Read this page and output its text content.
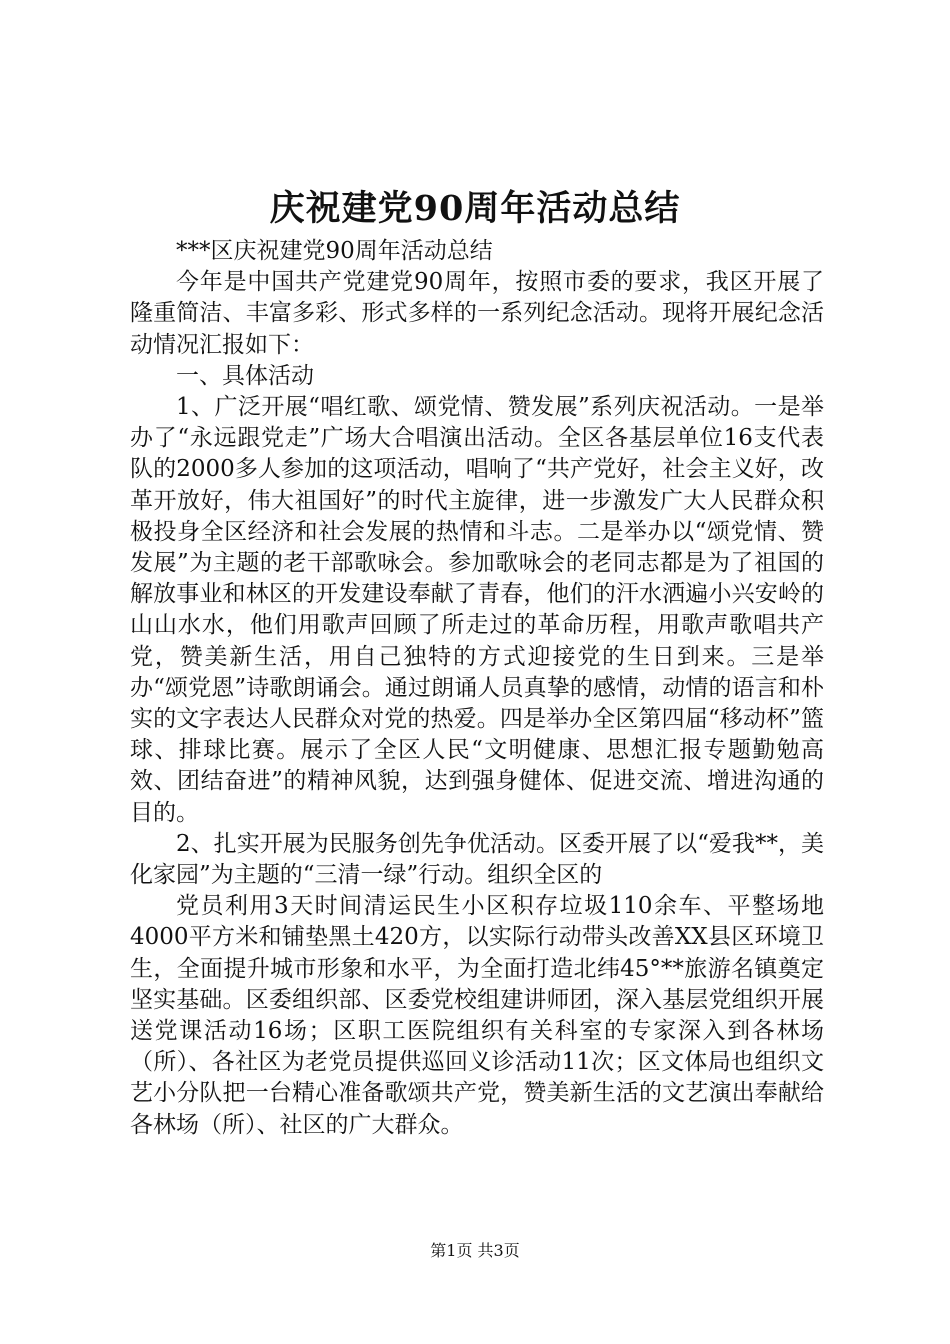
庆祝建党90周年活动总结

***区庆祝建党90周年活动总结

今年是中国共产党建党90周年，按照市委的要求，我区开展了隆重简洁、丰富多彩、形式多样的一系列纪念活动。现将开展纪念活动情况汇报如下：

一、具体活动

1、广泛开展“唱红歌、颂党情、赞发展”系列庆祝活动。一是举办了“永远跟党走”广场大合唱演出活动。全区各基层单位16支代表队的2000多人参加的这项活动，唱响了“共产党好，社会主义好，改革开放好，伟大祖国好”的时代主旋律，进一步激发广大人民群众积极投身全区经济和社会发展的热情和斗志。二是举办以“颂党情、赞发展”为主题的老干部歌咏会。参加歌咏会的老同志都是为了祖国的解放事业和林区的开发建设奉献了青春，他们的汗水洒遍小兴安岭的山山水水，他们用歌声回顾了所走过的革命历程，用歌声歌唱共产党，赞美新生活，用自己独特的方式迎接党的生日到来。三是举办“颂党恩”诗歌朗诵会。通过朗诵人员真挚的感情，动情的语言和朴实的文字表达人民群众对党的热爱。四是举办全区第四届“移动杯”篮球、排球比赛。展示了全区人民“文明健康、思想汇报专题勤勉高效、团结奋进”的精神风貌，达到强身健体、促进交流、增进沟通的目的。

2、扎实开展为民服务创先争优活动。区委开展了以“爱我**，美化家园”为主题的“三清一绿”行动。组织全区的

党员利用3天时间清运民生小区积存垃圾110余车、平整场地4000平方米和铺垫黑土420方，以实际行动带头改善XX县区环境卫生，全面提升城市形象和水平，为全面打造北纬45°**旅游名镇奠定坚实基础。区委组织部、区委党校组建讲师团，深入基层党组织开展送党课活动16场；区职工医院组织有关科室的专家深入到各林场（所）、各社区为老党员提供巡回义诊活动11次；区文体局也组织文艺小分队把一台精心准备歌颂共产党，赞美新生活的文艺演出奉献给各林场（所）、社区的广大群众。

第1页 共3页
